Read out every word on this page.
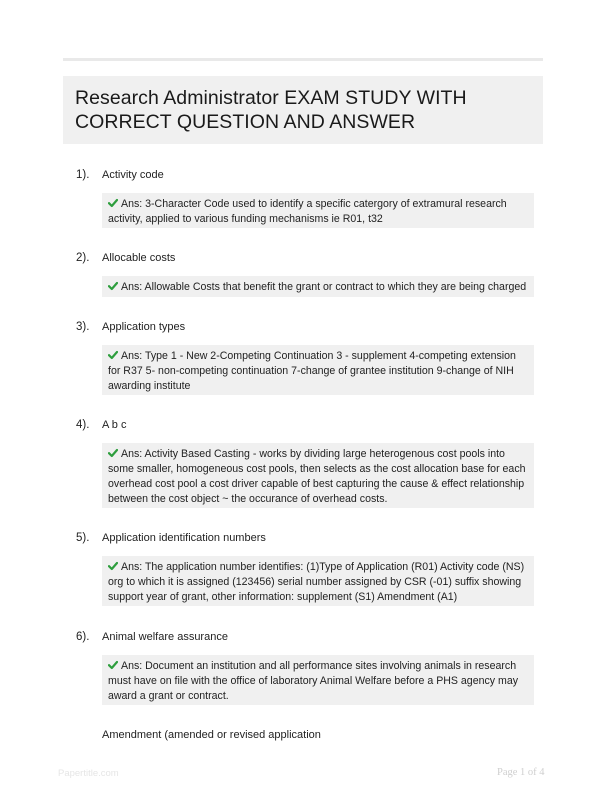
Research Administrator EXAM STUDY WITH CORRECT QUESTION AND ANSWER
1). Activity code
Ans: 3-Character Code used to identify a specific catergory of extramural research activity, applied to various funding mechanisms ie R01, t32
2). Allocable costs
Ans: Allowable Costs that benefit the grant or contract to which they are being charged
3). Application types
Ans: Type 1 - New 2-Competing Continuation 3 - supplement 4-competing extension for R37 5- non-competing continuation 7-change of grantee institution 9-change of NIH awarding institute
4). A b c
Ans: Activity Based Casting - works by dividing large heterogenous cost pools into some smaller, homogeneous cost pools, then selects as the cost allocation base for each overhead cost pool a cost driver capable of best capturing the cause & effect relationship between the cost object ~ the occurance of overhead costs.
5). Application identification numbers
Ans: The application number identifies: (1)Type of Application (R01) Activity code (NS) org to which it is assigned (123456) serial number assigned by CSR (-01) suffix showing support year of grant, other information: supplement (S1) Amendment (A1)
6). Animal welfare assurance
Ans: Document an institution and all performance sites involving animals in research must have on file with the office of laboratory Animal Welfare before a PHS agency may award a grant or contract.
Amendment (amended or revised application
Papertitle.com	Page 1 of 4
